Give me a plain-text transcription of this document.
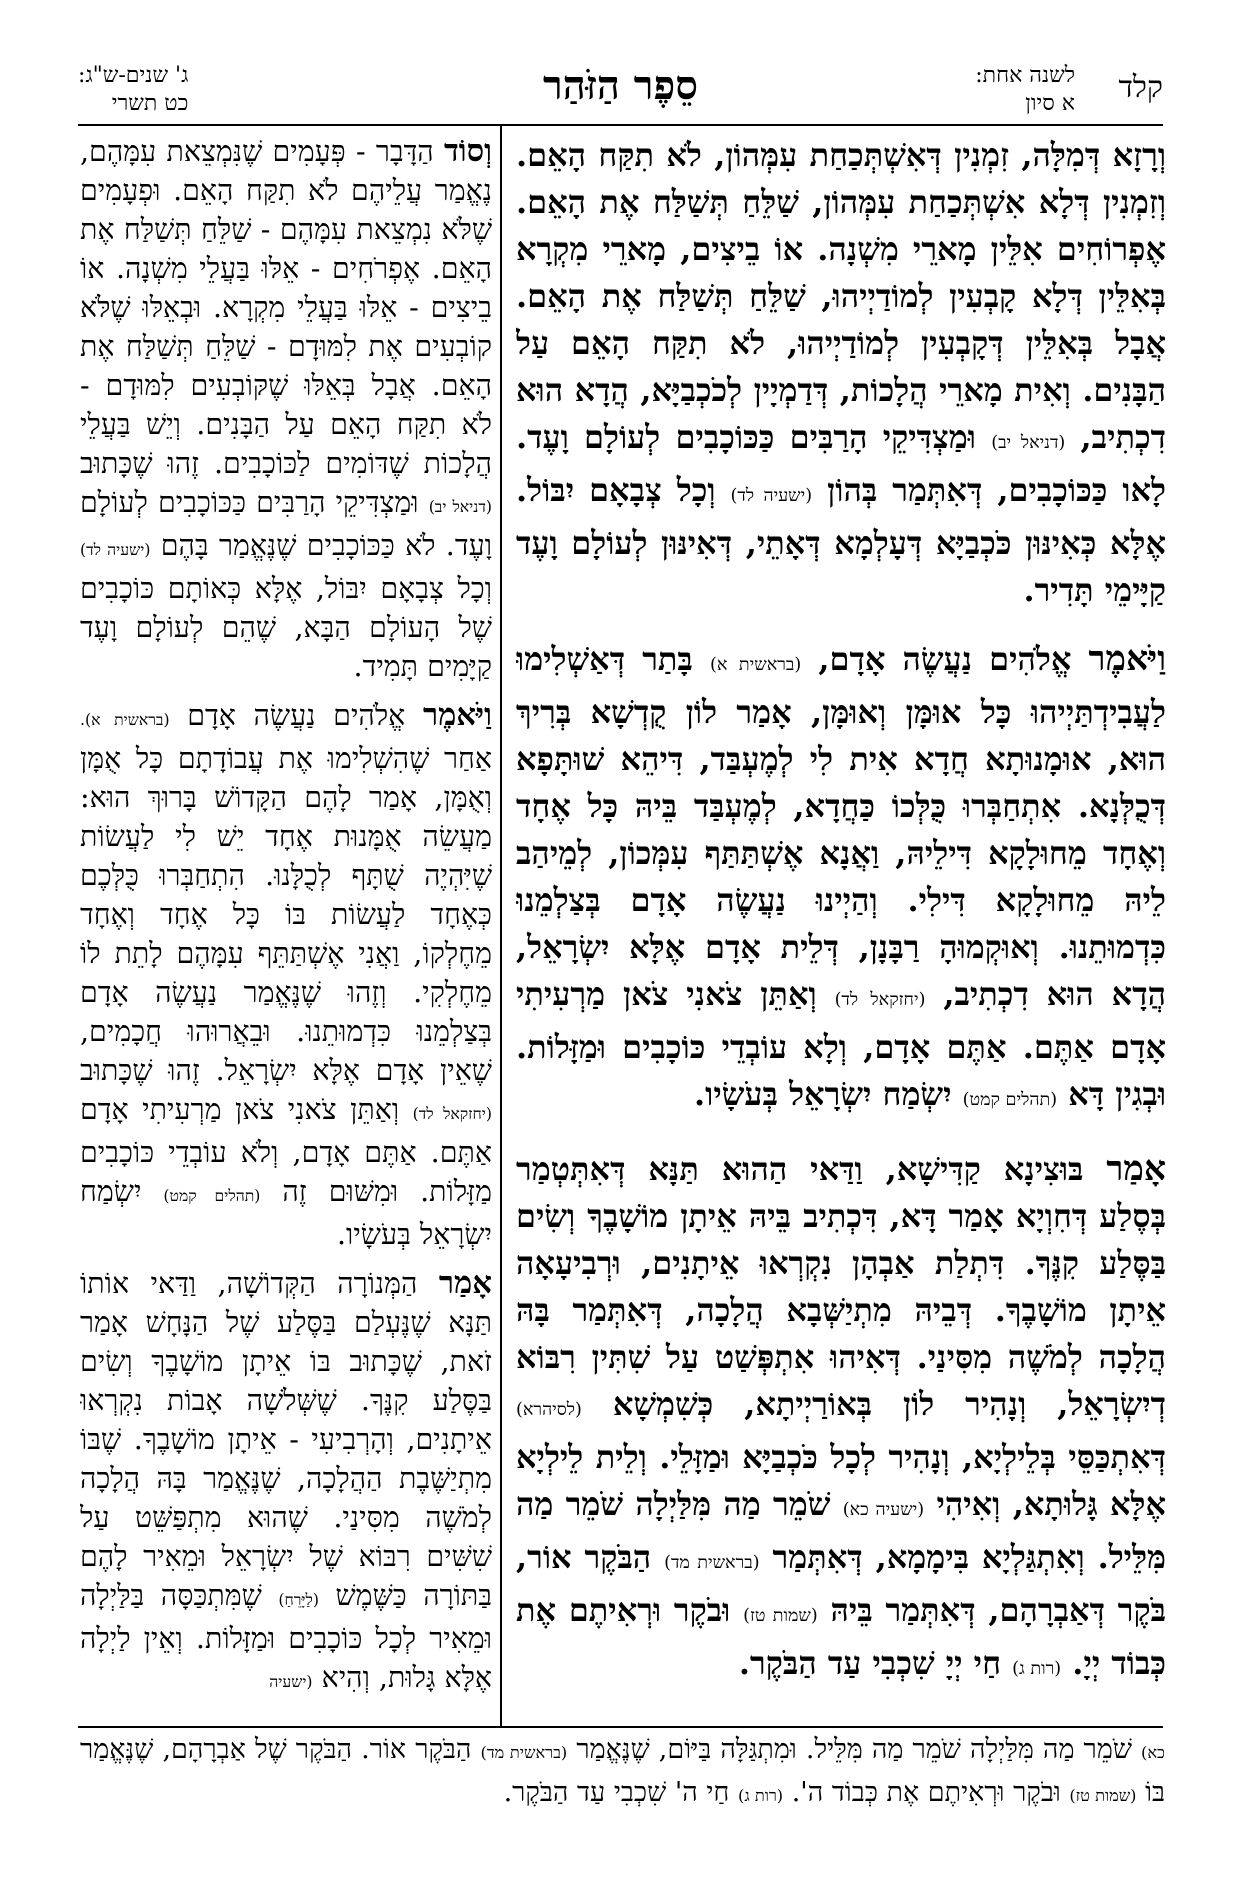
קלד
לשנה אחת:
א סיון
סֵפֶר הַזֹּהַר
ג' שנים-ש"ג:
כט תשרי

וְרָזָא דְּמִלָּה, זִמְנִין דְּאִשְׁתְּכַחַת עִמְּהוֹן, לֹא תִקַּח הָאֵם. וְזִמְנִין דְּלָא אִשְׁתְּכַחַת עִמְּהוֹן, שַׁלֵּחַ תְּשַׁלַּח אֶת הָאֵם. אֶפְרוֹחִים אִלֵּין מָארֵי מִשְׁנָה. אוֹ בֵיצִים, מָארֵי מִקְרָא בְּאִלֵּין דְּלָא קָבְעִין לְמוֹדַיְיהוּ, שַׁלֵּחַ תְּשַׁלַּח אֶת הָאֵם. אֲבָל בְּאִלֵּין דְּקָבְעִין לְמוֹדַיְיהוּ, לֹא תִקַּח הָאֵם עַל הַבָּנִים. וְאִית מָארֵי הֲלָכוֹת, דְּדַמְיָין לְכֹכְבַיָּא, הֲדָא הוּא דִכְתִיב, (דניאל יב) וּמַצְדִּיקֵי הָרַבִּים כַּכּוֹכָבִים לְעוֹלָם וָעֶד. לָאו כַּכּוֹכָבִים, דְּאִתְּמַר בְּהוֹן (ישעיה לד) וְכָל צְבָאָם יִבּוֹל. אֶלָּא כְּאִינּוּן כֹּכְבַיָּא דְּעָלְמָא דְּאָתֵי, דְּאִינּוּן לְעוֹלָם וָעֶד קַיָּימֵי תָּדִיר.

וַיֹּאמֶר אֱלֹהִים נַעֲשֶׂה אָדָם, (בראשית א) בָּתַר דְּאַשְׁלִימוּ לַעֲבִידְתַּיְיהוּ כָּל אוּמָּן וְאוּמָּן, אָמַר לוֹן קֻדְשָׁא בְּרִיךְ הוּא, אוּמָנוּתָא חֲדָא אִית לִי לְמֶעְבַּד, דִּיהֵא שׁוּתָּפָא דְּכֻלְּנָא. אִתְחַבְּרוּ כֻּלְּכוֹ כַּחֲדָא, לְמֶעְבַּד בֵּיהּ כָּל אֶחָד וְאֶחָד מֵחוּלָקָא דִּילֵיהּ, וַאֲנָא אֶשְׁתַּתַּף עִמְּכוֹן, לְמֵיהַב לֵיהּ מֵחוּלָקָא דִּילִי. וְהַיְינוּ נַעֲשֶׂה אָדָם בְּצַלְמֵנוּ כִּדְמוּתֵנוּ. וְאוּקְמוּהָ רַבָּנָן, דְּלֵית אָדָם אֶלָּא יִשְׂרָאֵל, הֲדָא הוּא דִכְתִיב, (יחזקאל לד) וְאַתֵּן צֹאנִי צֹאן מַרְעִיתִי אָדָם אַתֶּם. אַתֶּם אָדָם, וְלָא עוֹבְדֵי כּוֹכָבִים וּמַזָּלוֹת. וּבְגִין דָּא (תהלים קמט) יִשְׂמַח יִשְׂרָאֵל בְּעֹשָׂיו.

אָמַר בּוּצִינָא קַדִּישָׁא, וַדַּאי הַהוּא תַּנָּא דְּאִתְּטְמַר בְּסֶלַע דְּחִוְיָא אָמַר דָּא, דִּכְתִיב בֵּיהּ אֵיתָן מוֹשָׁבֶךָ וְשִׂים בַּסֶּלַע קִנֶּךָ. דִּתְלַת אַבְהָן נִקְרְאוּ אֵיתָנִים, וּרְבִיעָאָה אֵיתָן מוֹשָׁבֶךָ. דְּבֵיהּ מִתְיַשְּׁבָא הֲלָכָה, דְּאִתְּמַר בָּהּ הֲלָכָה לְמֹשֶׁה מִסִּינַי. דְּאִיהוּ אִתְפְּשַׁט עַל שִׁתִּין רִבּוֹא דְיִשְׂרָאֵל, וְנָהִיר לוֹן בְּאוֹרַיְיתָא, כְּשִׁמְשָׁא (לסיהרא) דְּאִתְכַּסֵּי בְּלֵילְיָא, וְנָהִיר לְכָל כֹּכְבַיָּא וּמַזָּלֵי. וְלֵית לֵילְיָא אֶלָּא גָּלוּתָא, וְאִיהִי (ישעיה כא) שֹׁמֵר מַה מִּלַּיְלָה שֹׁמֵר מַה מִּלֵּיל. וְאִתְגַּלְיָא בִּימָמָא, דְּאִתְּמַר (בראשית מד) הַבֹּקֶר אוֹר, בֹּקֶר דְּאַבְרָהָם, דְּאִתְּמַר בֵּיהּ (שמות טז) וּבֹקֶר וּרְאִיתֶם אֶת כְּבוֹד יְיָ. (רות ג) חַי יְיָ שִׁכְבִי עַד הַבֹּקֶר.

וְסוֹד הַדָּבָר - פְּעָמִים שֶׁנִּמְצֵאת עִמָּהֶם, נֶאֱמַר עֲלֵיהֶם לֹא תִקַּח הָאֵם. וּפְעָמִים שֶׁלֹּא נִמְצֵאת עִמָּהֶם - שַׁלֵּחַ תְּשַׁלַּח אֶת הָאֵם. אֶפְרֹחִים - אֵלּוּ בַּעֲלֵי מִשְׁנָה. אוֹ בֵיצִים - אֵלּוּ בַּעֲלֵי מִקְרָא. וּבְאֵלּוּ שֶׁלֹּא קוֹבְעִים אֶת לִמּוּדָם - שַׁלֵּחַ תְּשַׁלַּח אֶת הָאֵם. אֲבָל בְּאֵלּוּ שֶׁקּוֹבְעִים לִמּוּדָם - לֹא תִקַּח הָאֵם עַל הַבָּנִים. וְיֵשׁ בַּעֲלֵי הֲלָכוֹת שֶׁדּוֹמִים לַכּוֹכָבִים. זֶהוּ שֶׁכָּתוּב (דניאל יב) וּמַצְדִּיקֵי הָרַבִּים כַּכּוֹכָבִים לְעוֹלָם וָעֶד. לֹא כַּכּוֹכָבִים שֶׁנֶּאֱמַר בָּהֶם (ישעיה לד) וְכָל צְבָאָם יִבּוֹל, אֶלָּא כְּאוֹתָם כּוֹכָבִים שֶׁל הָעוֹלָם הַבָּא, שֶׁהֵם לְעוֹלָם וָעֶד קַיָּמִים תָּמִיד.

וַיֹּאמֶר אֱלֹהִים נַעֲשֶׂה אָדָם (בראשית א). אַחַר שֶׁהִשְׁלִימוּ אֶת עֲבוֹדָתָם כָּל אֻמָּן וְאֻמָּן, אָמַר לָהֶם הַקָּדוֹשׁ בָּרוּךְ הוּא: מַעֲשֵׂה אֻמָּנוּת אֶחָד יֵשׁ לִי לַעֲשׂוֹת שֶׁיִּהְיֶה שֻׁתָּף לְכֻלָּנוּ. הִתְחַבְּרוּ כֻּלְּכֶם כְּאֶחָד לַעֲשׂוֹת בּוֹ כָּל אֶחָד וְאֶחָד מֵחֶלְקוֹ, וַאֲנִי אֶשְׁתַּתֵּף עִמָּהֶם לָתֵת לוֹ מֵחֶלְקִי. וְזֶהוּ שֶׁנֶּאֱמַר נַעֲשֶׂה אָדָם בְּצַלְמֵנוּ כִּדְמוּתֵנוּ. וּבֵאֲרוּהוּ חֲכָמִים, שֶׁאֵין אָדָם אֶלָּא יִשְׂרָאֵל. זֶהוּ שֶׁכָּתוּב (יחזקאל לד) וְאַתֵּן צֹאנִי צֹאן מַרְעִיתִי אָדָם אַתֶּם. אַתֶּם אָדָם, וְלֹא עוֹבְדֵי כּוֹכָבִים מַזָּלוֹת. וּמִשּׁוּם זֶה (תהלים קמט) יִשְׂמַח יִשְׂרָאֵל בְּעֹשָׂיו.

אָמַר הַמְּנוֹרָה הַקְּדוֹשָׁה, וַדַּאי אוֹתוֹ תַּנָּא שֶׁנֶּעְלַם בַּסֶּלַע שֶׁל הַנָּחָשׁ אָמַר זֹאת, שֶׁכָּתוּב בּוֹ אֵיתָן מוֹשָׁבֶךָ וְשִׂים בַּסֶּלַע קִנֶּךָ. שֶׁשְּׁלֹשָׁה אָבוֹת נִקְרְאוּ אֵיתָנִים, וְהָרְבִיעִי - אֵיתָן מוֹשָׁבֶךָ. שֶׁבּוֹ מִתְיַשֶּׁבֶת הַהֲלָכָה, שֶׁנֶּאֱמַר בָּהּ הֲלָכָה לְמֹשֶׁה מִסִּינַי. שֶׁהוּא מִתְפַּשֵּׁט עַל שִׁשִּׁים רִבּוֹא שֶׁל יִשְׂרָאֵל וּמֵאִיר לָהֶם בַּתּוֹרָה כַּשֶּׁמֶשׁ (לַיָּרֵחַ) שֶׁמִּתְכַּסָּה בַּלַּיְלָה וּמֵאִיר לְכָל כּוֹכָבִים וּמַזָּלוֹת. וְאֵין לַיְלָה אֶלָּא גָּלוּת, וְהִיא (ישעיה

כא) שֹׁמֵר מַה מִּלַּיְלָה שֹׁמֵר מַה מִּלֵּיל. וּמִתְגַּלָּה בַּיּוֹם, שֶׁנֶּאֱמַר (בראשית מד) הַבֹּקֶר אוֹר. הַבֹּקֶר שֶׁל אַבְרָהָם, שֶׁנֶּאֱמַר בּוֹ (שמות טז) וּבֹקֶר וּרְאִיתֶם אֶת כְּבוֹד ה'. (רות ג) חַי ה' שִׁכְבִי עַד הַבֹּקֶר.
